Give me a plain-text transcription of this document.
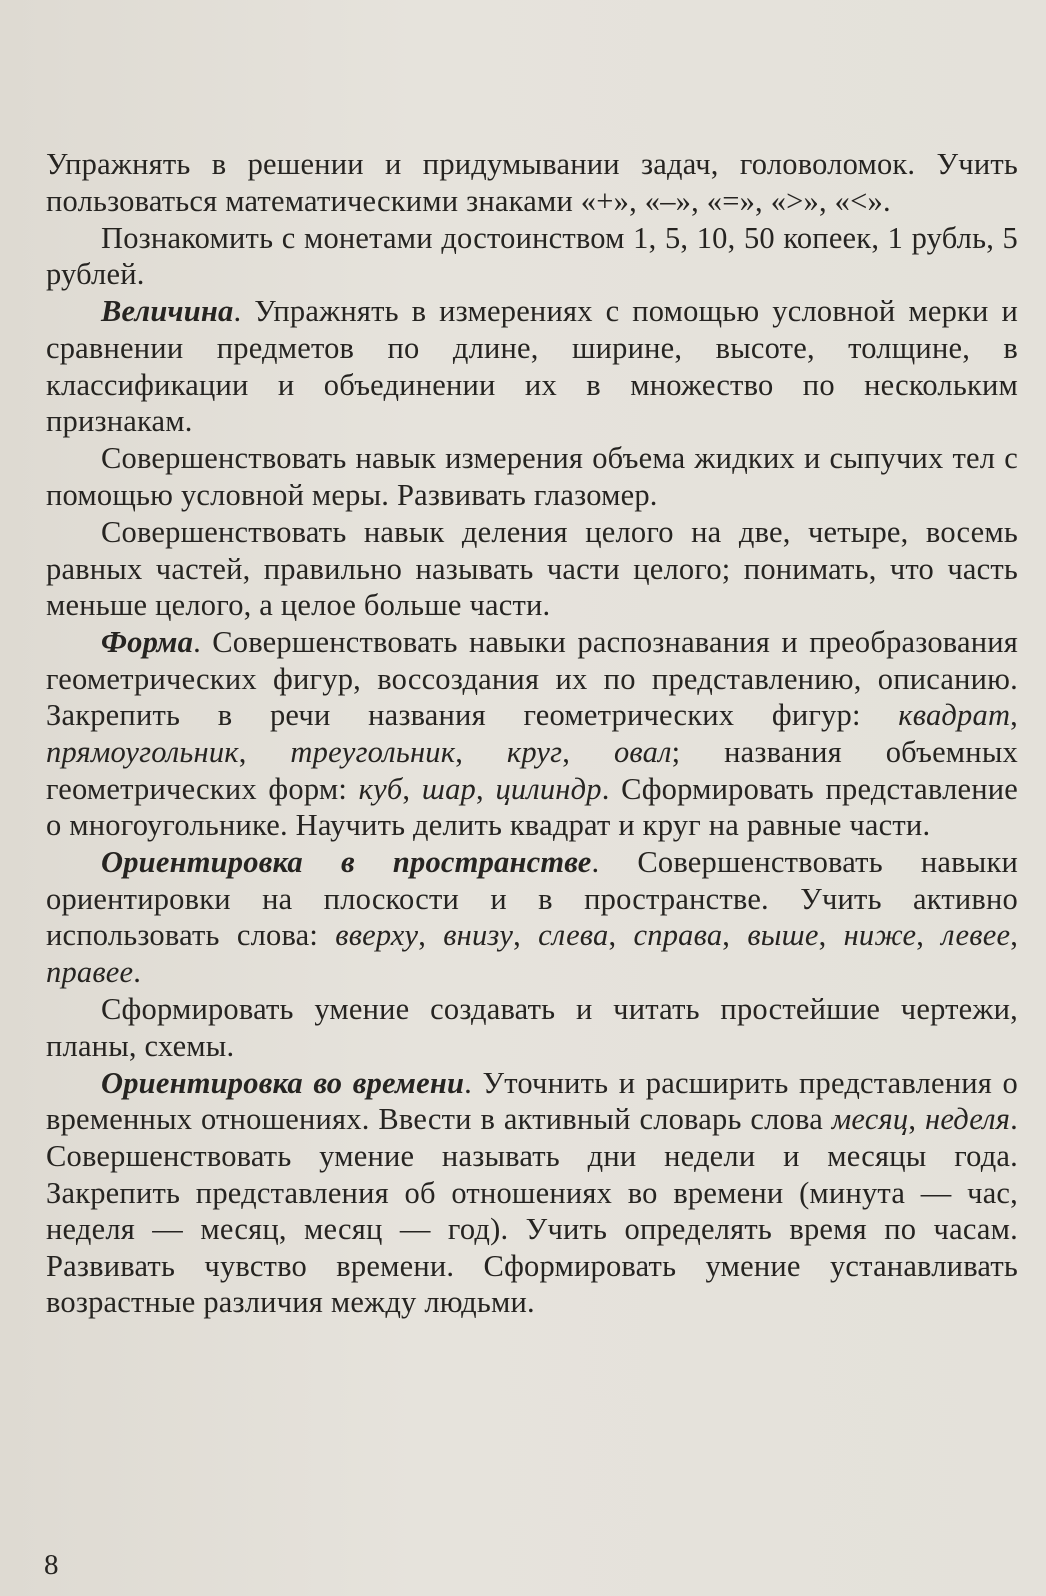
Упражнять в решении и придумывании задач, головоломок. Учить пользоваться математическими знаками «+», «–», «=», «>», «<».

Познакомить с монетами достоинством 1, 5, 10, 50 копеек, 1 рубль, 5 рублей.

Величина. Упражнять в измерениях с помощью условной мерки и сравнении предметов по длине, ширине, высоте, толщине, в классификации и объединении их в множество по нескольким признакам.

Совершенствовать навык измерения объема жидких и сыпучих тел с помощью условной меры. Развивать глазомер.

Совершенствовать навык деления целого на две, четыре, восемь равных частей, правильно называть части целого; понимать, что часть меньше целого, а целое больше части.

Форма. Совершенствовать навыки распознавания и преобразования геометрических фигур, воссоздания их по представлению, описанию. Закрепить в речи названия геометрических фигур: квадрат, прямоугольник, треугольник, круг, овал; названия объемных геометрических форм: куб, шар, цилиндр. Сформировать представление о многоугольнике. Научить делить квадрат и круг на равные части.

Ориентировка в пространстве. Совершенствовать навыки ориентировки на плоскости и в пространстве. Учить активно использовать слова: вверху, внизу, слева, справа, выше, ниже, левее, правее.

Сформировать умение создавать и читать простейшие чертежи, планы, схемы.

Ориентировка во времени. Уточнить и расширить представления о временных отношениях. Ввести в активный словарь слова месяц, неделя. Совершенствовать умение называть дни недели и месяцы года. Закрепить представления об отношениях во времени (минута — час, неделя — месяц, месяц — год). Учить определять время по часам. Развивать чувство времени. Сформировать умение устанавливать возрастные различия между людьми.

8
